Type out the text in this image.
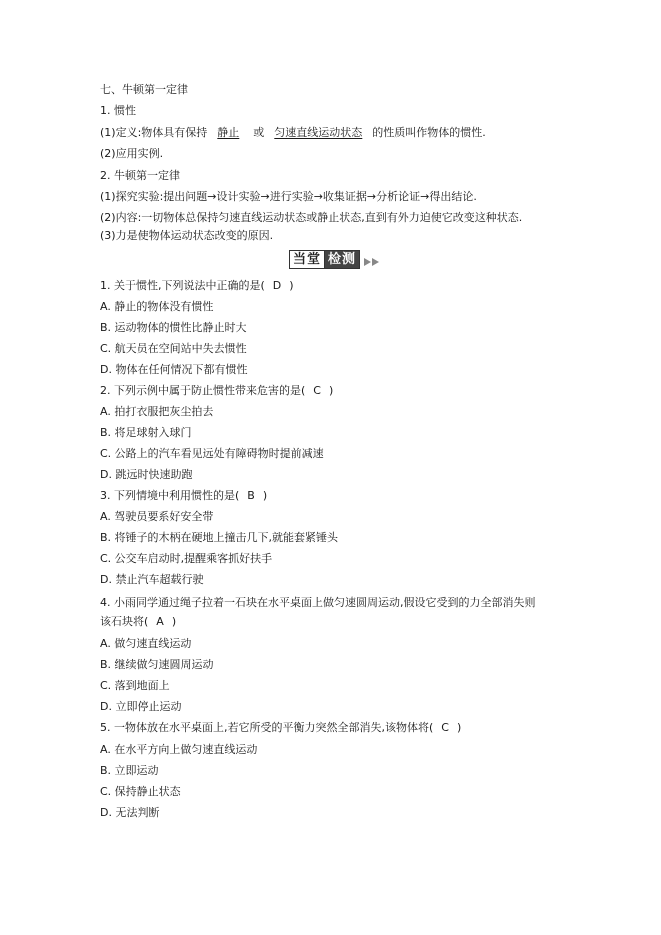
七、牛顿第一定律
1. 惯性
(1)定义:物体具有保持 静止 或 匀速直线运动状态 的性质叫作物体的惯性.
(2)应用实例.
2. 牛顿第一定律
(1)探究实验:提出问题→设计实验→进行实验→收集证据→分析论证→得出结论.
(2)内容:一切物体总保持匀速直线运动状态或静止状态,直到有外力迫使它改变这种状态.
(3)力是使物体运动状态改变的原因.
当堂 检测
1. 关于惯性,下列说法中正确的是( D )
A. 静止的物体没有惯性
B. 运动物体的惯性比静止时大
C. 航天员在空间站中失去惯性
D. 物体在任何情况下都有惯性
2. 下列示例中属于防止惯性带来危害的是( C )
A. 拍打衣服把灰尘拍去
B. 将足球射入球门
C. 公路上的汽车看见远处有障碍物时提前减速
D. 跳远时快速助跑
3. 下列情境中利用惯性的是( B )
A. 驾驶员要系好安全带
B. 将锤子的木柄在硬地上撞击几下,就能套紧锤头
C. 公交车启动时,提醒乘客抓好扶手
D. 禁止汽车超载行驶
4. 小雨同学通过绳子拉着一石块在水平桌面上做匀速圆周运动,假设它受到的力全部消失则
该石块将( A )
A. 做匀速直线运动
B. 继续做匀速圆周运动
C. 落到地面上
D. 立即停止运动
5. 一物体放在水平桌面上,若它所受的平衡力突然全部消失,该物体将( C )
A. 在水平方向上做匀速直线运动
B. 立即运动
C. 保持静止状态
D. 无法判断
